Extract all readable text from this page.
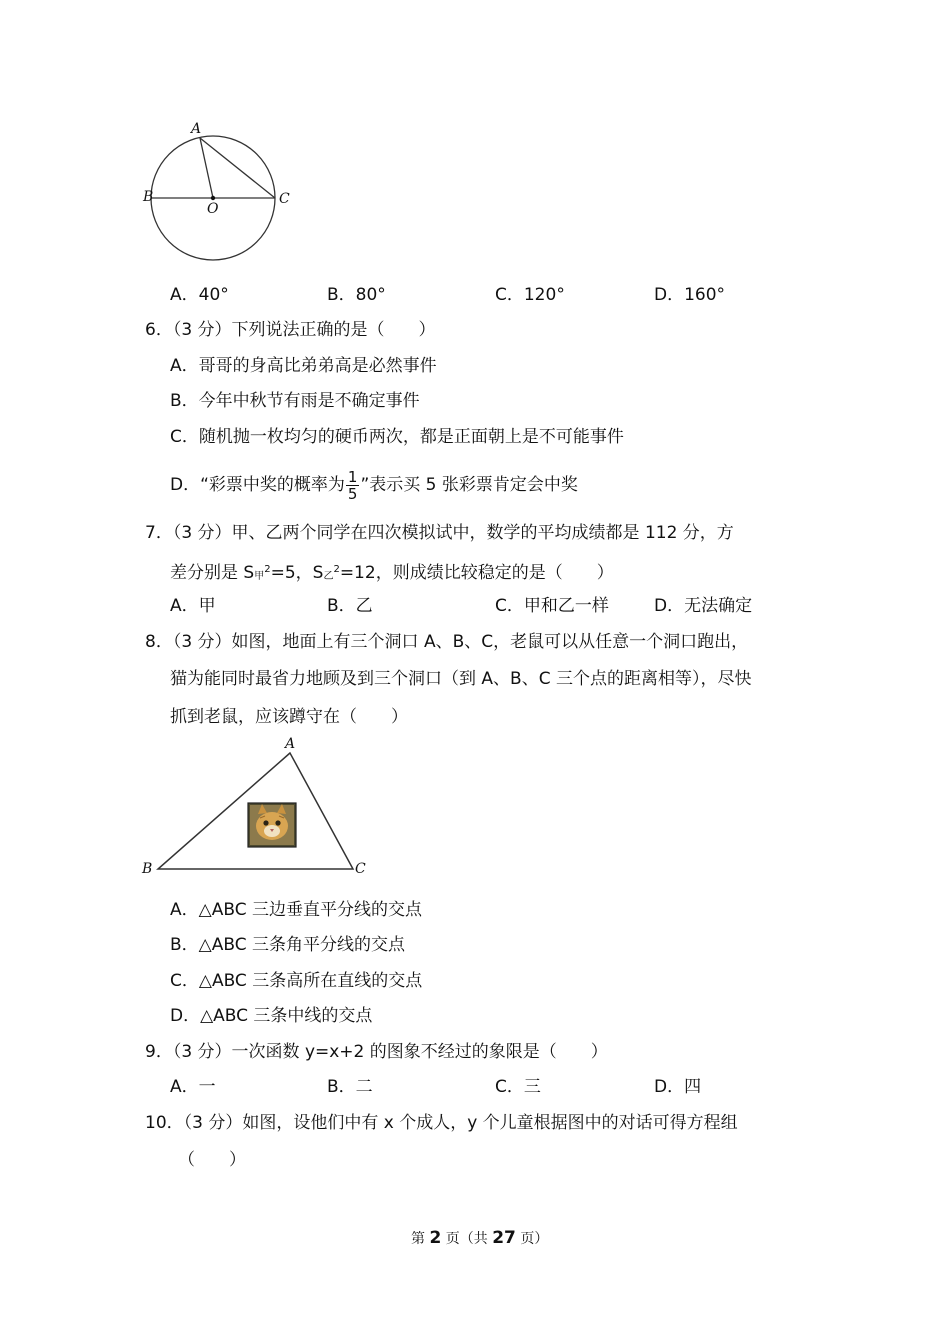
A
B
O
C
A．40°	B．80°	C．120°	D．160°
6．（3 分）下列说法正确的是（　　）
A．哥哥的身高比弟弟高是必然事件
B．今年中秋节有雨是不确定事件
C．随机抛一枚均匀的硬币两次，都是正面朝上是不可能事件
D．“彩票中奖的概率为 $\frac{1}{5}$ ”表示买 5 张彩票肯定会中奖
7．（3 分）甲、乙两个同学在四次模拟试中，数学的平均成绩都是 112 分，方
差分别是 $S_甲^2=5$，$S_乙^2=12$，则成绩比较稳定的是（　　）
A．甲	B．乙	C．甲和乙一样	D．无法确定
8．（3 分）如图，地面上有三个洞口 A、B、C，老鼠可以从任意一个洞口跑出，
猫为能同时最省力地顾及到三个洞口（到 A、B、C 三个点的距离相等），尽快
抓到老鼠，应该蹲守在（　　）
A
B	C
A．△ABC 三边垂直平分线的交点
B．△ABC 三条角平分线的交点
C．△ABC 三条高所在直线的交点
D．△ABC 三条中线的交点
9．（3 分）一次函数 y=x+2 的图象不经过的象限是（　　）
A．一	B．二	C．三	D．四
10．（3 分）如图，设他们中有 x 个成人，y 个儿童根据图中的对话可得方程组
（　　）
第 2 页（共 27 页）
